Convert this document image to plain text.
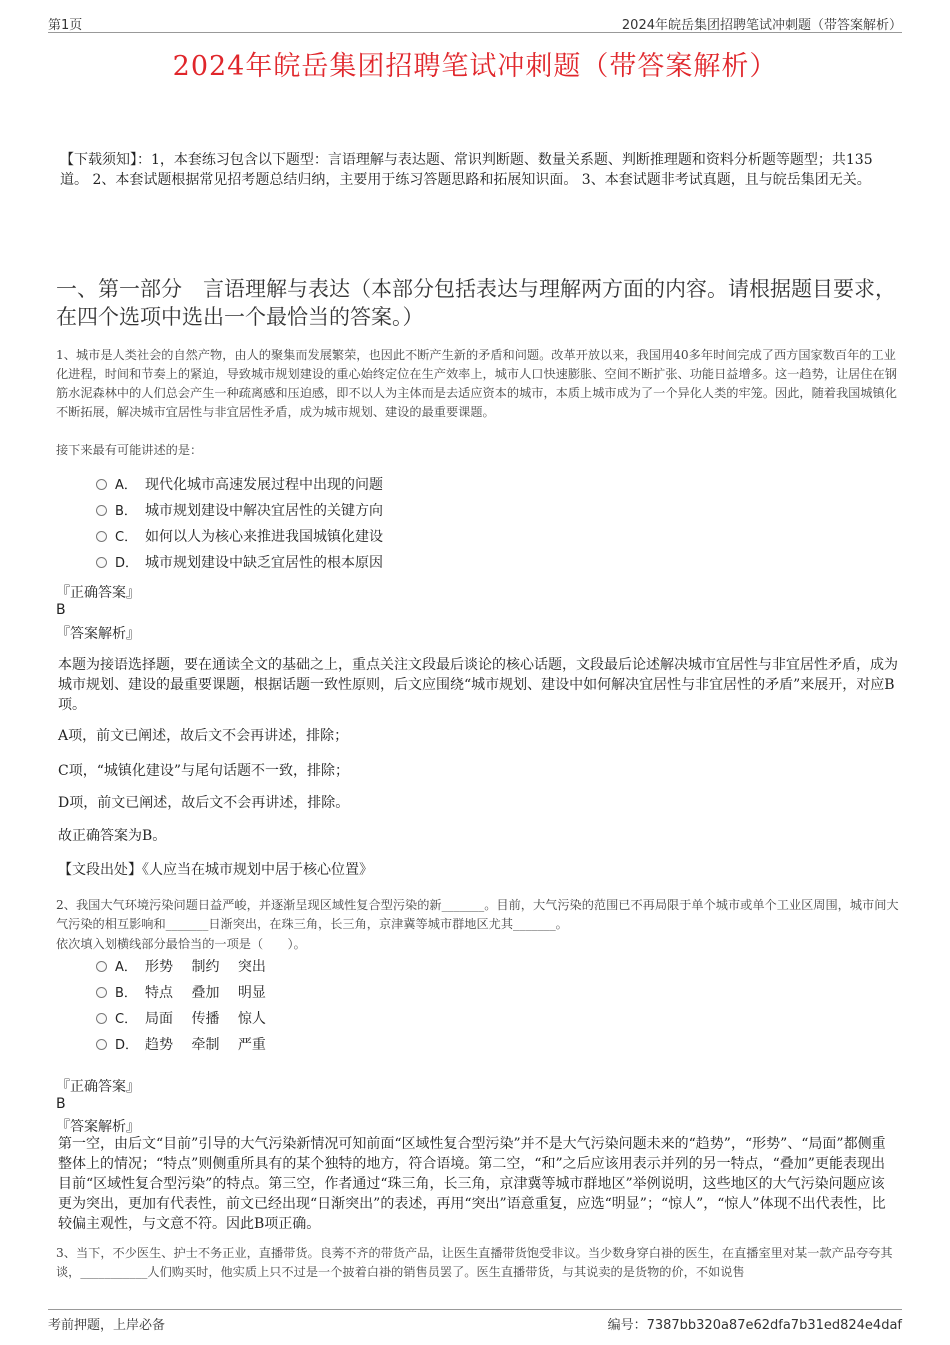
第1页	2024年皖岳集团招聘笔试冲刺题（带答案解析）
2024年皖岳集团招聘笔试冲刺题（带答案解析）
【下载须知】：1，本套练习包含以下题型：言语理解与表达题、常识判断题、数量关系题、判断推理题和资料分析题等题型；共135道。 2、本套试题根据常见招考题总结归纳，主要用于练习答题思路和拓展知识面。 3、本套试题非考试真题，且与皖岳集团无关。
一、第一部分　言语理解与表达（本部分包括表达与理解两方面的内容。请根据题目要求，在四个选项中选出一个最恰当的答案。）
1、城市是人类社会的自然产物，由人的聚集而发展繁荣，也因此不断产生新的矛盾和问题。改革开放以来，我国用40多年时间完成了西方国家数百年的工业化进程，时间和节奏上的紧迫，导致城市规划建设的重心始终定位在生产效率上，城市人口快速膨胀、空间不断扩张、功能日益增多。这一趋势，让居住在钢筋水泥森林中的人们总会产生一种疏离感和压迫感，即不以人为主体而是去适应资本的城市，本质上城市成为了一个异化人类的牢笼。因此，随着我国城镇化不断拓展，解决城市宜居性与非宜居性矛盾，成为城市规划、建设的最重要课题。
接下来最有可能讲述的是：
A． 现代化城市高速发展过程中出现的问题
B． 城市规划建设中解决宜居性的关键方向
C． 如何以人为核心来推进我国城镇化建设
D． 城市规划建设中缺乏宜居性的根本原因
『正确答案』
B
『答案解析』
本题为接语选择题，要在通读全文的基础之上，重点关注文段最后谈论的核心话题，文段最后论述解决城市宜居性与非宜居性矛盾，成为城市规划、建设的最重要课题，根据话题一致性原则，后文应围绕“城市规划、建设中如何解决宜居性与非宜居性的矛盾”来展开，对应B项。
A项，前文已阐述，故后文不会再讲述，排除；
C项，“城镇化建设”与尾句话题不一致，排除；
D项，前文已阐述，故后文不会再讲述，排除。
故正确答案为B。
【文段出处】《人应当在城市规划中居于核心位置》
2、我国大气环境污染问题日益严峻，并逐渐呈现区域性复合型污染的新_______。目前，大气污染的范围已不再局限于单个城市或单个工业区周围，城市间大气污染的相互影响和_______日渐突出，在珠三角，长三角，京津冀等城市群地区尤其_______。
依次填入划横线部分最恰当的一项是（　　）。
A． 形势　 制约　 突出
B． 特点　 叠加　 明显
C． 局面　 传播　 惊人
D． 趋势　 牵制　 严重
『正确答案』
B
『答案解析』
第一空，由后文“目前”引导的大气污染新情况可知前面“区域性复合型污染”并不是大气污染问题未来的“趋势”，“形势”、“局面”都侧重整体上的情况；“特点”则侧重所具有的某个独特的地方，符合语境。第二空，“和”之后应该用表示并列的另一特点，“叠加”更能表现出目前“区域性复合型污染”的特点。第三空，作者通过“珠三角，长三角，京津冀等城市群地区”举例说明，这些地区的大气污染问题应该更为突出，更加有代表性，前文已经出现“日渐突出”的表述，再用“突出”语意重复，应选“明显”；“惊人”，“惊人”体现不出代表性，比较偏主观性，与文意不符。因此B项正确。
3、当下，不少医生、护士不务正业，直播带货。良莠不齐的带货产品，让医生直播带货饱受非议。当少数身穿白褂的医生，在直播室里对某一款产品夸夸其谈，___________人们购买时，他实质上只不过是一个披着白褂的销售员罢了。医生直播带货，与其说卖的是货物的价，不如说售
考前押题，上岸必备	编号：7387bb320a87e62dfa7b31ed824e4daf
